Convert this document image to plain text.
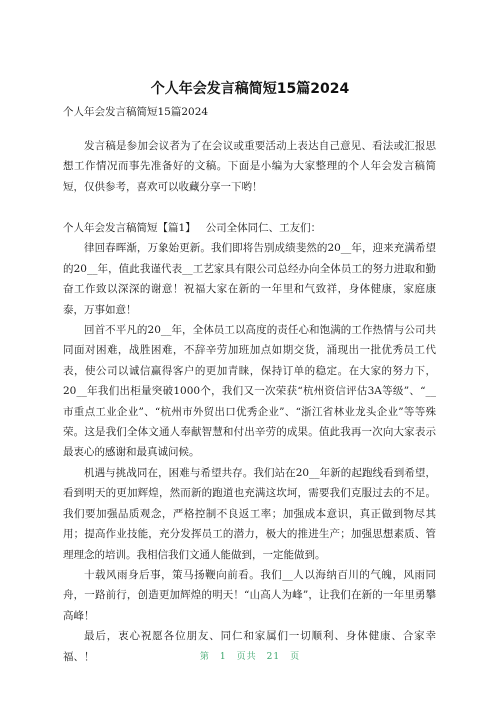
个人年会发言稿简短15篇2024
个人年会发言稿简短15篇2024

发言稿是参加会议者为了在会议或重要活动上表达自己意见、看法或汇报思想工作情况而事先准备好的文稿。下面是小编为大家整理的个人年会发言稿简短，仅供参考，喜欢可以收藏分享一下哟！

个人年会发言稿简短【篇1】 公司全体同仁、工友们：

律回春晖渐，万象始更新。我们即将告别成绩斐然的20__年，迎来充满希望的20__年，值此我谨代表__工艺家具有限公司总经办向全体员工的努力进取和勤奋工作致以深深的谢意！祝福大家在新的一年里和气致祥，身体健康，家庭康泰，万事如意！

回首不平凡的20__年，全体员工以高度的责任心和饱满的工作热情与公司共同面对困难，战胜困难，不辞辛劳加班加点如期交货，涌现出一批优秀员工代表，使公司以诚信赢得客户的更加青睐，保持订单的稳定。在大家的努力下，20__年我们出柜量突破1000个，我们又一次荣获“杭州资信评估3A等级”、“__市重点工业企业”、“杭州市外贸出口优秀企业”、“浙江省林业龙头企业”等等殊荣。这是我们全体文通人奉献智慧和付出辛劳的成果。值此我再一次向大家表示最衷心的感谢和最真诚问候。

机遇与挑战同在，困难与希望共存。我们站在20__年新的起跑线看到希望，看到明天的更加辉煌，然而新的跑道也充满这坎坷，需要我们克服过去的不足。我们要加强品质观念，严格控制不良返工率；加强成本意识，真正做到物尽其用；提高作业技能，充分发挥员工的潜力，极大的推进生产；加强思想素质、管理理念的培训。我相信我们文通人能做到，一定能做到。

十载风雨身后事，策马扬鞭向前看。我们__人以海纳百川的气魄，风雨同舟，一路前行，创造更加辉煌的明天！“山高人为峰”，让我们在新的一年里勇攀高峰！

最后，衷心祝愿各位朋友、同仁和家属们一切顺利、身体健康、合家幸福、！	第 1 页共 21 页
